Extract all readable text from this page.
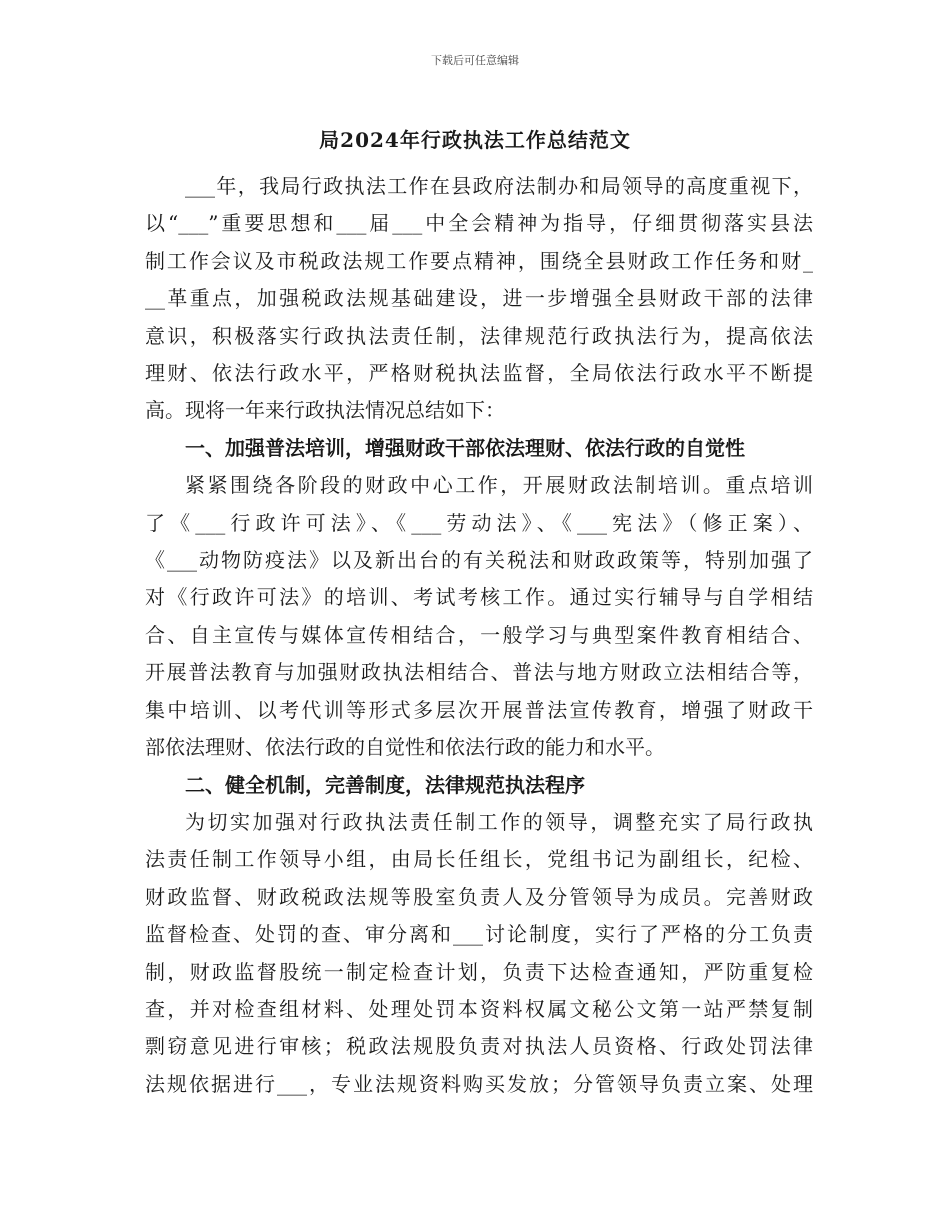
下载后可任意编辑
局2024年行政执法工作总结范文
___年，我局行政执法工作在县政府法制办和局领导的高度重视下，
以“___”重要思想和___届___中全会精神为指导，仔细贯彻落实县法
制工作会议及市税政法规工作要点精神，围绕全县财政工作任务和财_
__革重点，加强税政法规基础建设，进一步增强全县财政干部的法律
意识，积极落实行政执法责任制，法律规范行政执法行为，提高依法
理财、依法行政水平，严格财税执法监督，全局依法行政水平不断提
高。现将一年来行政执法情况总结如下：
一、加强普法培训，增强财政干部依法理财、依法行政的自觉性
紧紧围绕各阶段的财政中心工作，开展财政法制培训。重点培训
了《___行政许可法》、《___劳动法》、《___宪法》（修正案）、
《___动物防疫法》以及新出台的有关税法和财政政策等，特别加强了
对《行政许可法》的培训、考试考核工作。通过实行辅导与自学相结
合、自主宣传与媒体宣传相结合，一般学习与典型案件教育相结合、
开展普法教育与加强财政执法相结合、普法与地方财政立法相结合等，
集中培训、以考代训等形式多层次开展普法宣传教育，增强了财政干
部依法理财、依法行政的自觉性和依法行政的能力和水平。
二、健全机制，完善制度，法律规范执法程序
为切实加强对行政执法责任制工作的领导，调整充实了局行政执
法责任制工作领导小组，由局长任组长，党组书记为副组长，纪检、
财政监督、财政税政法规等股室负责人及分管领导为成员。完善财政
监督检查、处罚的查、审分离和___讨论制度，实行了严格的分工负责
制，财政监督股统一制定检查计划，负责下达检查通知，严防重复检
查，并对检查组材料、处理处罚本资料权属文秘公文第一站严禁复制
剽窃意见进行审核；税政法规股负责对执法人员资格、行政处罚法律
法规依据进行___，专业法规资料购买发放；分管领导负责立案、处理
